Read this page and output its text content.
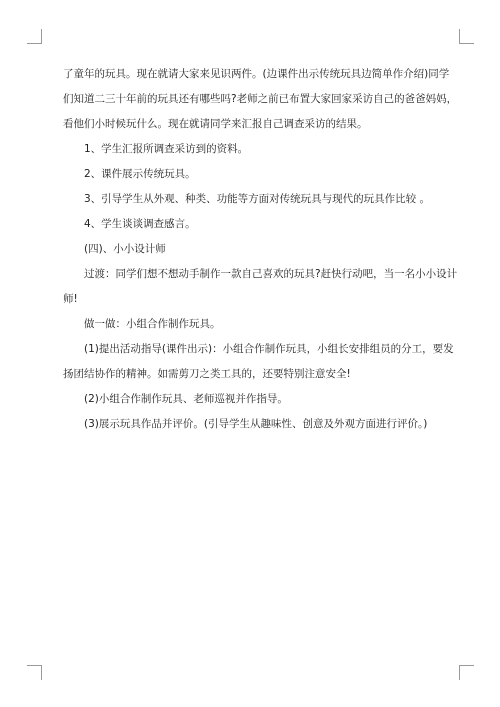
了童年的玩具。现在就请大家来见识两件。(边课件出示传统玩具边简单作介绍)同学
们知道二三十年前的玩具还有哪些吗?老师之前已布置大家回家采访自己的爸爸妈妈，
看他们小时候玩什么。现在就请同学来汇报自己调查采访的结果。
1、学生汇报所调查采访到的资料。
2、课件展示传统玩具。
3、引导学生从外观、种类、功能等方面对传统玩具与现代的玩具作比较 。
4、学生谈谈调查感言。
(四)、小小设计师
过渡：同学们想不想动手制作一款自己喜欢的玩具?赶快行动吧，当一名小小设计
师!
做一做：小组合作制作玩具。
(1)提出活动指导(课件出示)：小组合作制作玩具，小组长安排组员的分工，要发
扬团结协作的精神。如需剪刀之类工具的，还要特别注意安全!
(2)小组合作制作玩具、老师巡视并作指导。
(3)展示玩具作品并评价。(引导学生从趣味性、创意及外观方面进行评价。)
